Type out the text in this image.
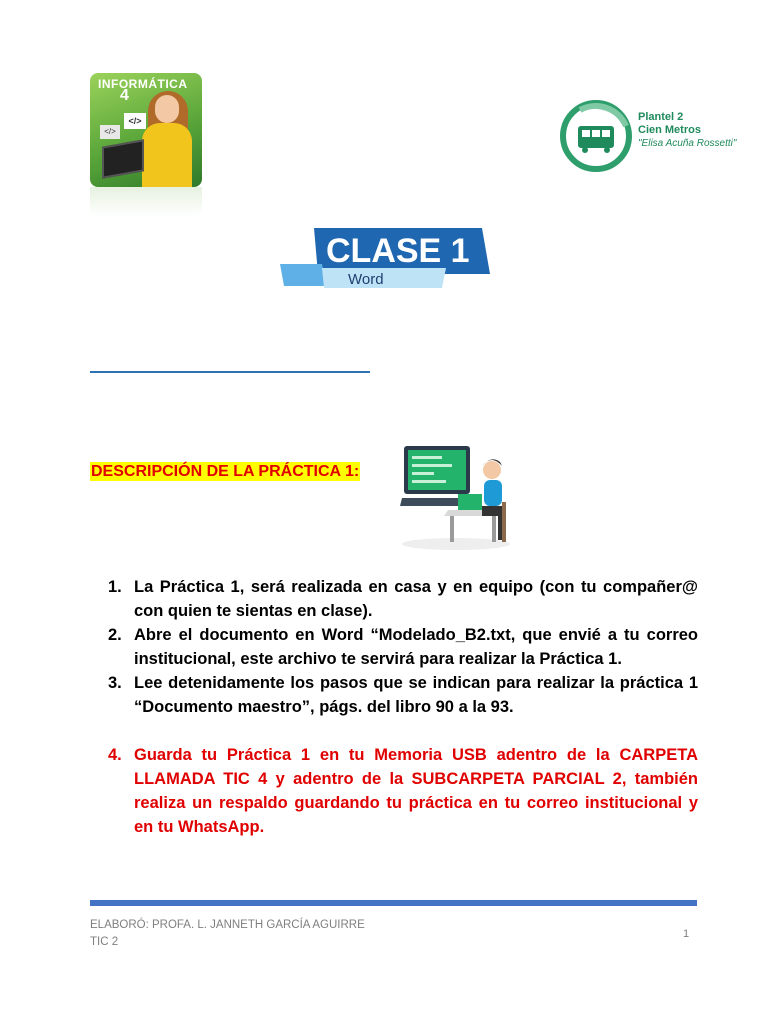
INFORMÁTICA
4
</>
</>
Plantel 2
Cien Metros
"Elisa Acuña Rossetti"
CLASE 1
Word
DESCRIPCIÓN DE LA PRÁCTICA 1:
1. La Práctica 1, será realizada en casa y en equipo (con tu compañer@ con quien te sientas en clase).
2. Abre el documento en Word “Modelado_B2.txt, que envié a tu correo institucional, este archivo te servirá para realizar la Práctica 1.
3. Lee detenidamente los pasos que se indican para realizar la práctica 1 “Documento maestro”, págs. del libro 90 a la 93.
4. Guarda tu Práctica 1 en tu Memoria USB adentro de la CARPETA LLAMADA TIC 4 y adentro de la SUBCARPETA PARCIAL 2, también realiza un respaldo guardando tu práctica en tu correo institucional y en tu WhatsApp.
ELABORÓ: PROFA. L. JANNETH GARCÍA AGUIRRE
TIC 2
1
